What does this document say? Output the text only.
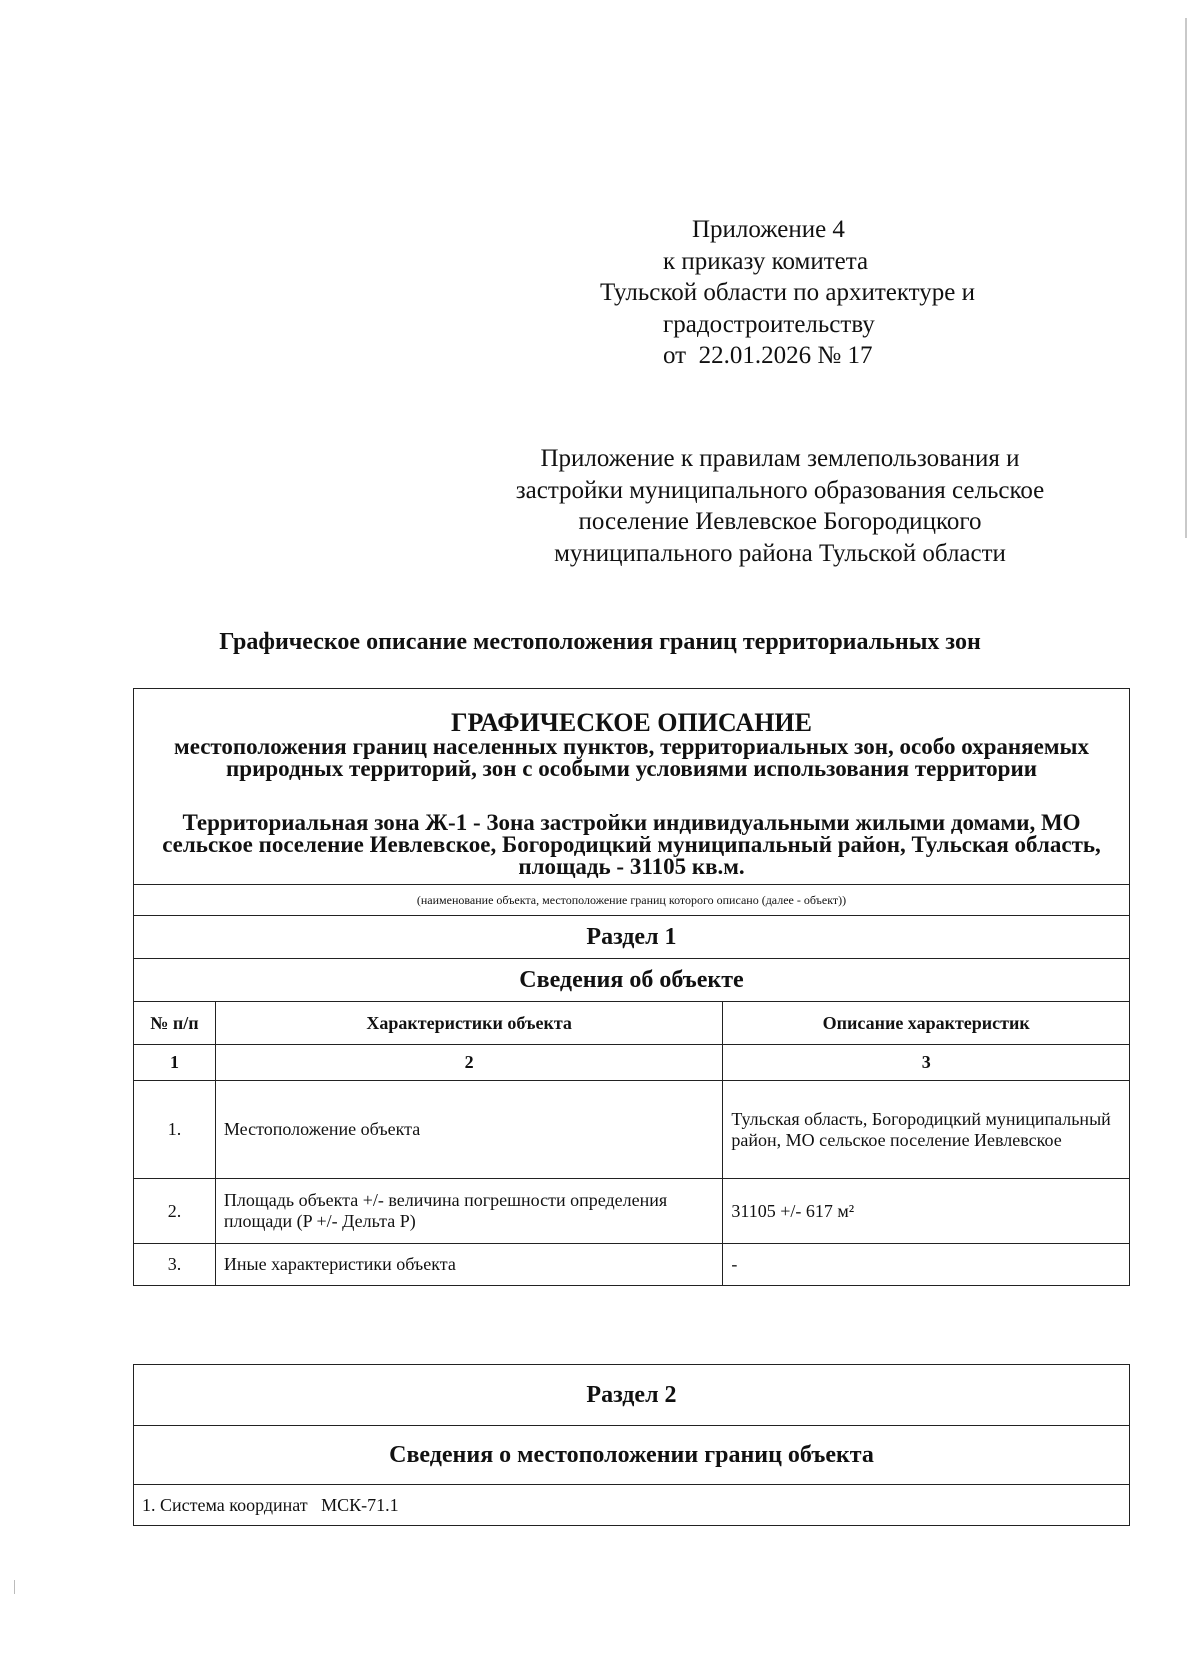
Приложение 4
к приказу комитета
Тульской области по архитектуре и
градостроительству
от  22.01.2026 № 17
Приложение к правилам землепользования и
застройки муниципального образования сельское
поселение Иевлевское Богородицкого
муниципального района Тульской области
Графическое описание местоположения границ территориальных зон
ГРАФИЧЕСКОЕ ОПИСАНИЕ
местоположения границ населенных пунктов, территориальных зон, особо охраняемых природных территорий, зон с особыми условиями использования территории
Территориальная зона Ж-1 - Зона застройки индивидуальными жилыми домами, МО сельское поселение Иевлевское, Богородицкий муниципальный район, Тульская область, площадь - 31105 кв.м.		

(наименование объекта, местоположение границ которого описано (далее - объект))		
Раздел 1		
Сведения об объекте		
№ п/п	Характеристики объекта	Описание характеристик
1	2	3
1.	Местоположение объекта	Тульская область, Богородицкий муниципальный район, МО сельское поселение Иевлевское
2.	Площадь объекта +/- величина погрешности определения площади (P +/- Дельта P)	31105 +/- 617 м²
3.	Иные характеристики объекта	-
Раздел 2
Сведения о местоположении границ объекта
1. Система координат МСК-71.1
